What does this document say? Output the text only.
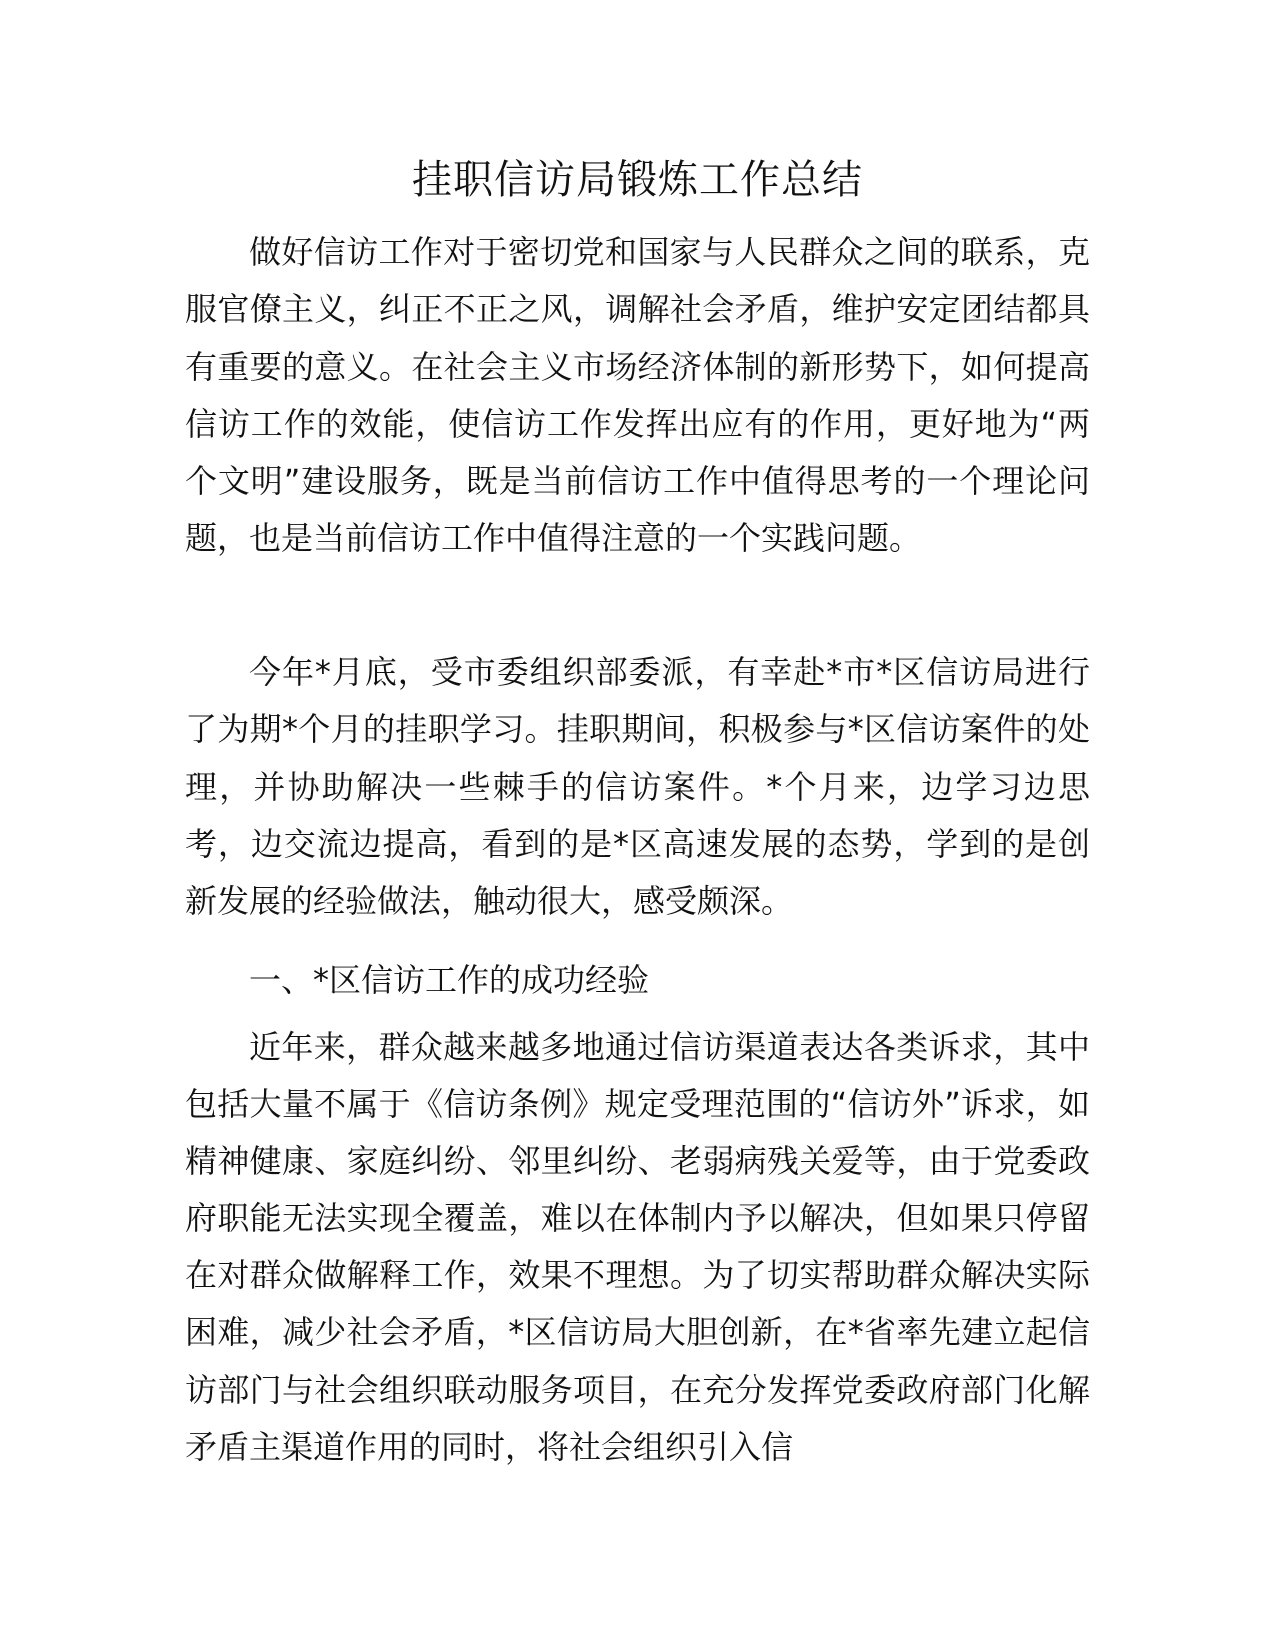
挂职信访局锻炼工作总结

做好信访工作对于密切党和国家与人民群众之间的联系，克服官僚主义，纠正不正之风，调解社会矛盾，维护安定团结都具有重要的意义。在社会主义市场经济体制的新形势下，如何提高信访工作的效能，使信访工作发挥出应有的作用，更好地为“两个文明”建设服务，既是当前信访工作中值得思考的一个理论问题，也是当前信访工作中值得注意的一个实践问题。

今年*月底，受市委组织部委派，有幸赴*市*区信访局进行了为期*个月的挂职学习。挂职期间，积极参与*区信访案件的处理，并协助解决一些棘手的信访案件。*个月来，边学习边思考，边交流边提高，看到的是*区高速发展的态势，学到的是创新发展的经验做法，触动很大，感受颇深。

一、*区信访工作的成功经验

近年来，群众越来越多地通过信访渠道表达各类诉求，其中包括大量不属于《信访条例》规定受理范围的“信访外”诉求，如精神健康、家庭纠纷、邻里纠纷、老弱病残关爱等，由于党委政府职能无法实现全覆盖，难以在体制内予以解决，但如果只停留在对群众做解释工作，效果不理想。为了切实帮助群众解决实际困难，减少社会矛盾，*区信访局大胆创新，在*省率先建立起信访部门与社会组织联动服务项目，在充分发挥党委政府部门化解矛盾主渠道作用的同时，将社会组织引入信
